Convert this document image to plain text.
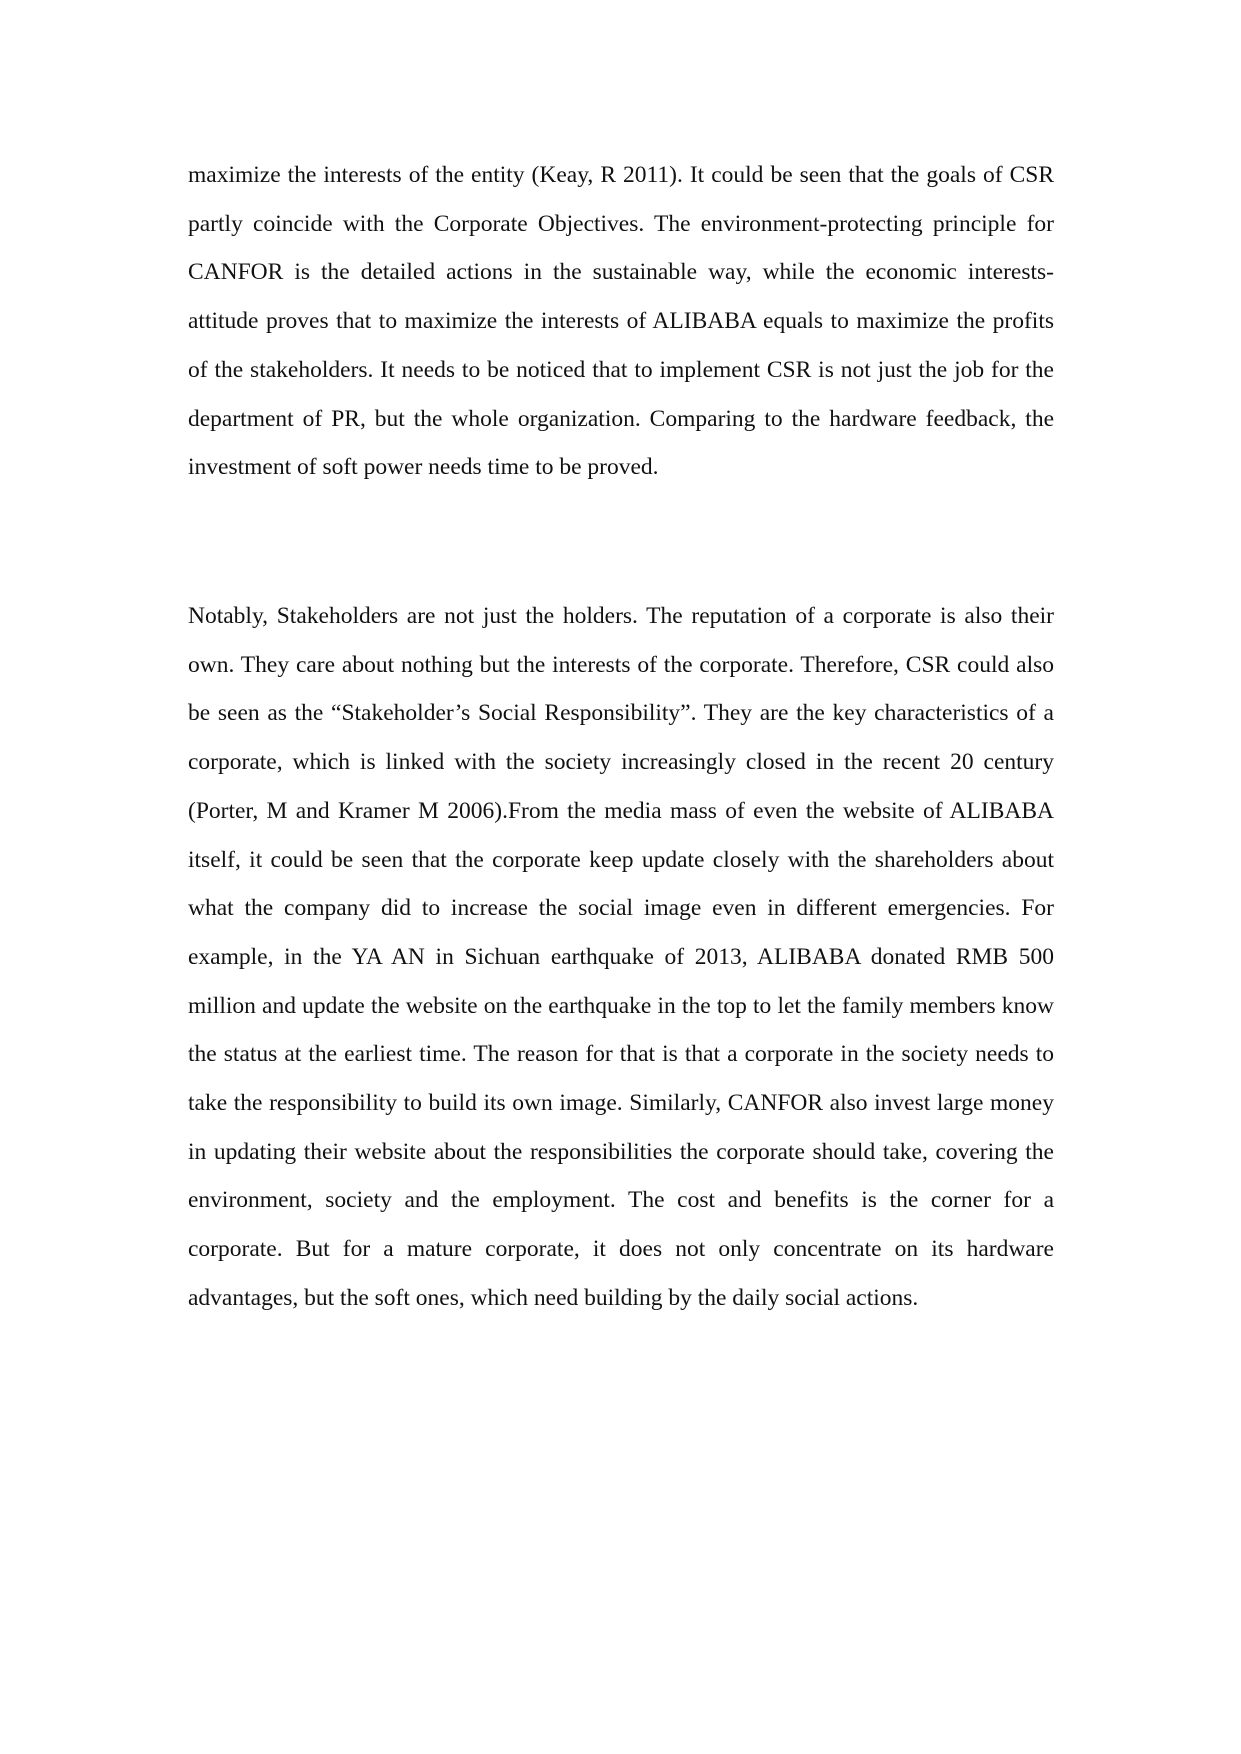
maximize the interests of the entity (Keay, R 2011). It could be seen that the goals of CSR partly coincide with the Corporate Objectives. The environment-protecting principle for CANFOR is the detailed actions in the sustainable way, while the economic interests-attitude proves that to maximize the interests of ALIBABA equals to maximize the profits of the stakeholders. It needs to be noticed that to implement CSR is not just the job for the department of PR, but the whole organization. Comparing to the hardware feedback, the investment of soft power needs time to be proved.

Notably, Stakeholders are not just the holders. The reputation of a corporate is also their own. They care about nothing but the interests of the corporate. Therefore, CSR could also be seen as the “Stakeholder’s Social Responsibility”. They are the key characteristics of a corporate, which is linked with the society increasingly closed in the recent 20 century (Porter, M and Kramer M 2006).From the media mass of even the website of ALIBABA itself, it could be seen that the corporate keep update closely with the shareholders about what the company did to increase the social image even in different emergencies. For example, in the YA AN in Sichuan earthquake of 2013, ALIBABA donated RMB 500 million and update the website on the earthquake in the top to let the family members know the status at the earliest time. The reason for that is that a corporate in the society needs to take the responsibility to build its own image. Similarly, CANFOR also invest large money in updating their website about the responsibilities the corporate should take, covering the environment, society and the employment. The cost and benefits is the corner for a corporate. But for a mature corporate, it does not only concentrate on its hardware advantages, but the soft ones, which need building by the daily social actions.
